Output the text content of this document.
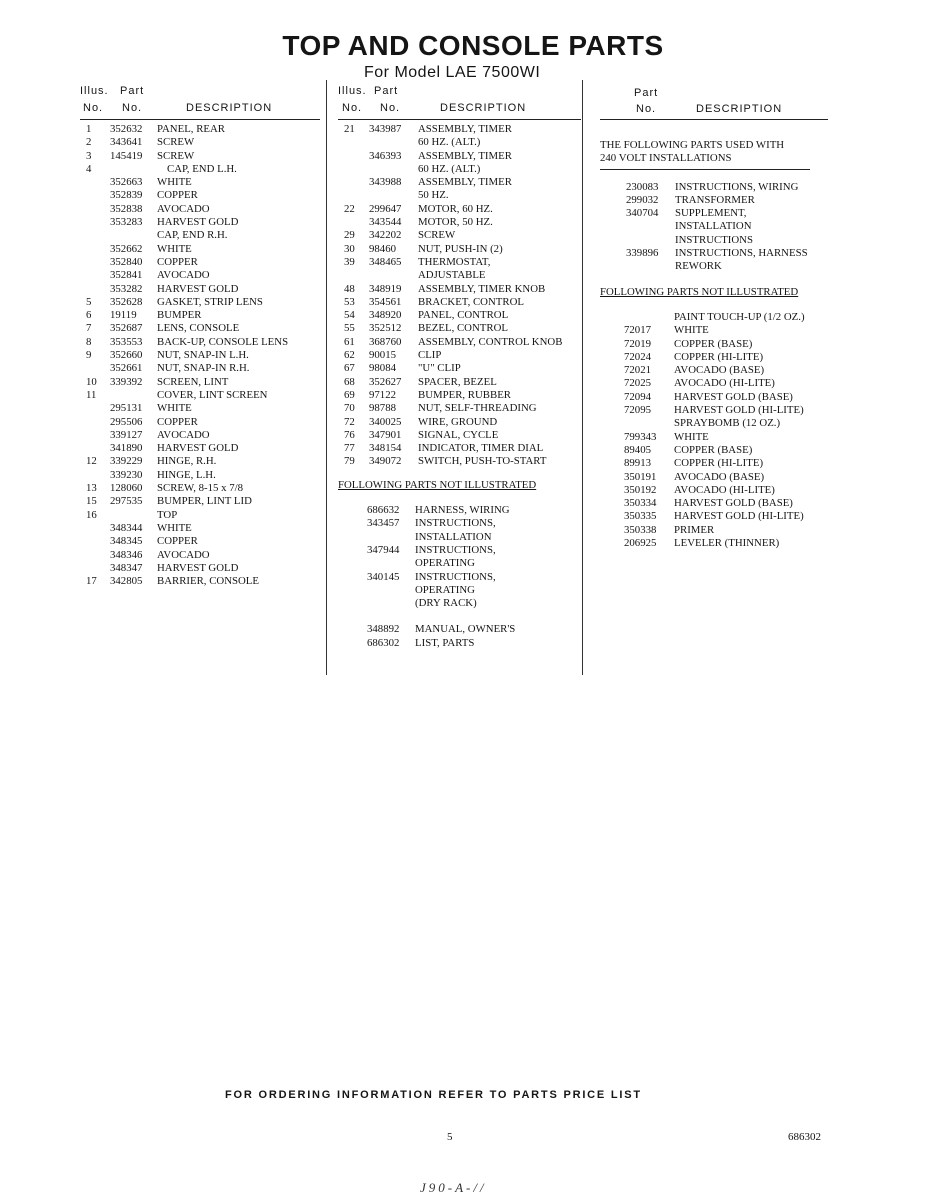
TOP AND CONSOLE PARTS
For Model LAE 7500WI
Illus. Part
No. No.	DESCRIPTION
1 352632 PANEL, REAR
2 343641 SCREW
3 145419 SCREW
4	CAP, END L.H.
352663 WHITE
352839 COPPER
352838 AVOCADO
353283 HARVEST GOLD
CAP, END R.H.
352662 WHITE
352840 COPPER
352841 AVOCADO
353282 HARVEST GOLD
5 352628 GASKET, STRIP LENS
6 19119 BUMPER
7 352687 LENS, CONSOLE
8 353553 BACK-UP, CONSOLE LENS
9 352660 NUT, SNAP-IN L.H.
352661 NUT, SNAP-IN R.H.
10 339392 SCREEN, LINT
11	COVER, LINT SCREEN
295131 WHITE
295506 COPPER
339127 AVOCADO
341890 HARVEST GOLD
12 339229 HINGE, R.H.
339230 HINGE, L.H.
13 128060 SCREW, 8-15 x 7/8
15 297535 BUMPER, LINT LID
16	TOP
348344 WHITE
348345 COPPER
348346 AVOCADO
348347 HARVEST GOLD
17 342805 BARRIER, CONSOLE
Illus. Part
No. No.	DESCRIPTION
21 343987 ASSEMBLY, TIMER
60 HZ. (ALT.)
346393 ASSEMBLY, TIMER
60 HZ. (ALT.)
343988 ASSEMBLY, TIMER
50 HZ.
22 299647 MOTOR, 60 HZ.
343544 MOTOR, 50 HZ.
29 342202 SCREW
30 98460 NUT, PUSH-IN (2)
39 348465 THERMOSTAT,
ADJUSTABLE
48 348919 ASSEMBLY, TIMER KNOB
53 354561 BRACKET, CONTROL
54 348920 PANEL, CONTROL
55 352512 BEZEL, CONTROL
61 368760 ASSEMBLY, CONTROL KNOB
62 90015 CLIP
67 98084 "U" CLIP
68 352627 SPACER, BEZEL
69 97122 BUMPER, RUBBER
70 98788 NUT, SELF-THREADING
72 340025 WIRE, GROUND
76 347901 SIGNAL, CYCLE
77 348154 INDICATOR, TIMER DIAL
79 349072 SWITCH, PUSH-TO-START
FOLLOWING PARTS NOT ILLUSTRATED
686632 HARNESS, WIRING
343457 INSTRUCTIONS,
INSTALLATION
347944 INSTRUCTIONS,
OPERATING
340145 INSTRUCTIONS,
OPERATING
(DRY RACK)
348892 MANUAL, OWNER'S
686302 LIST, PARTS
Part
No.	DESCRIPTION
THE FOLLOWING PARTS USED WITH
240 VOLT INSTALLATIONS
230083 INSTRUCTIONS, WIRING
299032 TRANSFORMER
340704 SUPPLEMENT,
INSTALLATION
INSTRUCTIONS
339896 INSTRUCTIONS, HARNESS
REWORK
FOLLOWING PARTS NOT ILLUSTRATED
PAINT TOUCH-UP (1/2 OZ.)
72017 WHITE
72019 COPPER (BASE)
72024 COPPER (HI-LITE)
72021 AVOCADO (BASE)
72025 AVOCADO (HI-LITE)
72094 HARVEST GOLD (BASE)
72095 HARVEST GOLD (HI-LITE)
SPRAYBOMB (12 OZ.)
799343 WHITE
89405 COPPER (BASE)
89913 COPPER (HI-LITE)
350191 AVOCADO (BASE)
350192 AVOCADO (HI-LITE)
350334 HARVEST GOLD (BASE)
350335 HARVEST GOLD (HI-LITE)
350338 PRIMER
206925 LEVELER (THINNER)
FOR ORDERING INFORMATION REFER TO PARTS PRICE LIST
5	686302
J90-A-//
